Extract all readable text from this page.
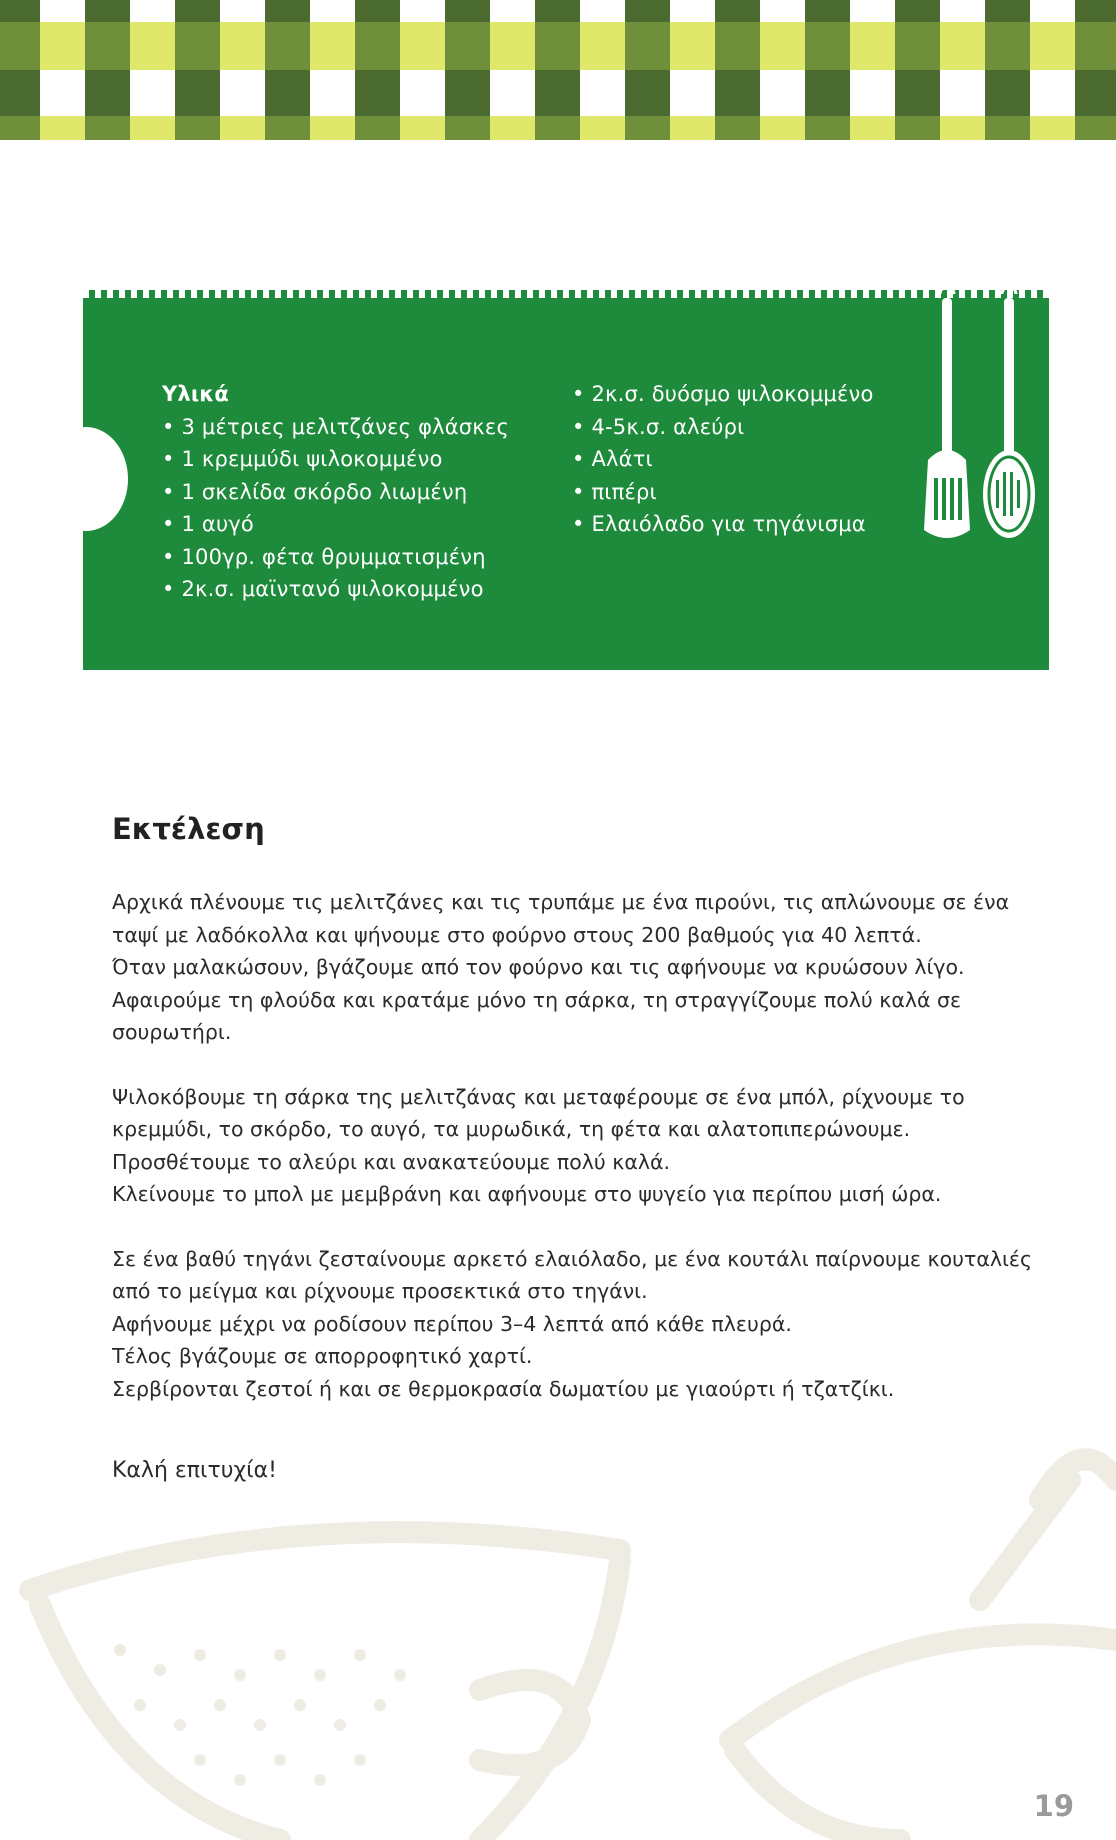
Υλικά
• 3 μέτριες μελιτζάνες φλάσκες
• 1 κρεμμύδι ψιλοκομμένο
• 1 σκελίδα σκόρδο λιωμένη
• 1 αυγό
• 100γρ. φέτα θρυμματισμένη
• 2κ.σ. μαϊντανό ψιλοκομμένο
• 2κ.σ. δυόσμο ψιλοκομμένο
• 4-5κ.σ. αλεύρι
• Αλάτι
• πιπέρι
• Ελαιόλαδο για τηγάνισμα
Εκτέλεση
Αρχικά πλένουμε τις μελιτζάνες και τις τρυπάμε με ένα πιρούνι, τις απλώνουμε σε ένα
ταψί με λαδόκολλα και ψήνουμε στο φούρνο στους 200 βαθμούς για 40 λεπτά.
Όταν μαλακώσουν, βγάζουμε από τον φούρνο και τις αφήνουμε να κρυώσουν λίγο.
Αφαιρούμε τη φλούδα και κρατάμε μόνο τη σάρκα, τη στραγγίζουμε πολύ καλά σε
σουρωτήρι.
Ψιλοκόβουμε τη σάρκα της μελιτζάνας και μεταφέρουμε σε ένα μπόλ, ρίχνουμε το
κρεμμύδι, το σκόρδο, το αυγό, τα μυρωδικά, τη φέτα και αλατοπιπερώνουμε.
Προσθέτουμε το αλεύρι και ανακατεύουμε πολύ καλά.
Κλείνουμε το μπολ με μεμβράνη και αφήνουμε στο ψυγείο για περίπου μισή ώρα.
Σε ένα βαθύ τηγάνι ζεσταίνουμε αρκετό ελαιόλαδο, με ένα κουτάλι παίρνουμε κουταλιές
από το μείγμα και ρίχνουμε προσεκτικά στο τηγάνι.
Αφήνουμε μέχρι να ροδίσουν περίπου 3–4 λεπτά από κάθε πλευρά.
Τέλος βγάζουμε σε απορροφητικό χαρτί.
Σερβίρονται ζεστοί ή και σε θερμοκρασία δωματίου με γιαούρτι ή τζατζίκι.
Καλή επιτυχία!
19
